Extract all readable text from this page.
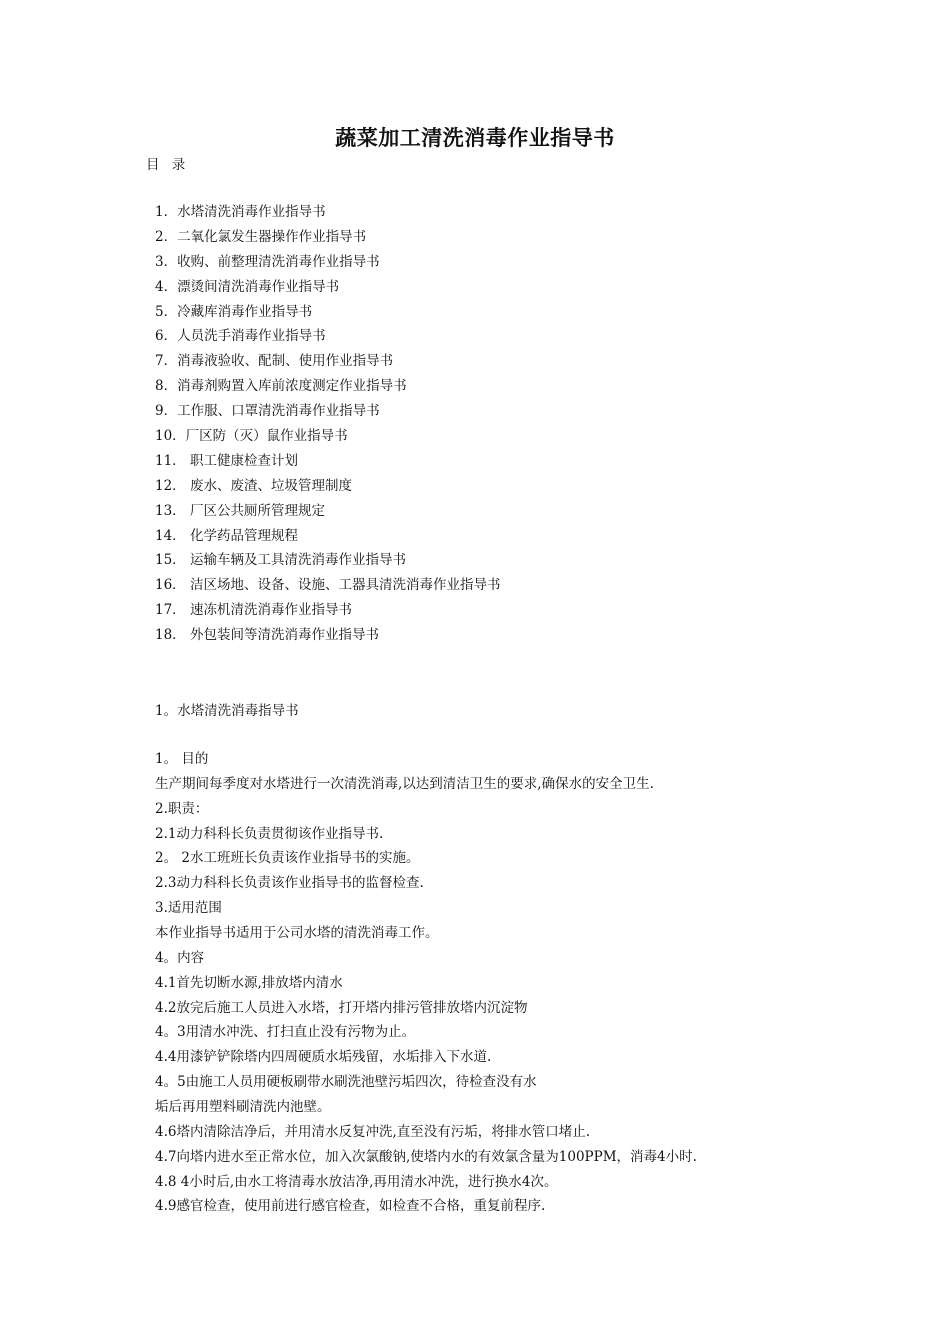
蔬菜加工清洗消毒作业指导书
目 录
1．水塔清洗消毒作业指导书
2．二氧化氯发生器操作作业指导书
3．收购、前整理清洗消毒作业指导书
4．漂烫间清洗消毒作业指导书
5．冷藏库消毒作业指导书
6．人员洗手消毒作业指导书
7．消毒液验收、配制、使用作业指导书
8．消毒剂购置入库前浓度测定作业指导书
9．工作服、口罩清洗消毒作业指导书
10．厂区防（灭）鼠作业指导书
11． 职工健康检查计划
12． 废水、废渣、垃圾管理制度
13． 厂区公共厕所管理规定
14． 化学药品管理规程
15． 运输车辆及工具清洗消毒作业指导书
16． 洁区场地、设备、设施、工器具清洗消毒作业指导书
17． 速冻机清洗消毒作业指导书
18． 外包装间等清洗消毒作业指导书
1。水塔清洗消毒指导书
1。 目的
生产期间每季度对水塔进行一次清洗消毒,以达到清洁卫生的要求,确保水的安全卫生.
2.职责：
2.1动力科科长负责贯彻该作业指导书.
2。 2水工班班长负责该作业指导书的实施。
2.3动力科科长负责该作业指导书的监督检查.
3.适用范围
本作业指导书适用于公司水塔的清洗消毒工作。
4。内容
4.1首先切断水源,排放塔内清水
4.2放完后施工人员进入水塔，打开塔内排污管排放塔内沉淀物
4。3用清水冲洗、打扫直止没有污物为止。
4.4用漆铲铲除塔内四周硬质水垢残留，水垢排入下水道.
4。5由施工人员用硬板刷带水刷洗池壁污垢四次，待检查没有水
垢后再用塑料刷清洗内池壁。
4.6塔内清除洁净后，并用清水反复冲洗,直至没有污垢，将排水管口堵止.
4.7向塔内进水至正常水位，加入次氯酸钠,使塔内水的有效氯含量为100PPM，消毒4小时.
4.8 4小时后,由水工将清毒水放洁净,再用清水冲洗，进行换水4次。
4.9感官检查，使用前进行感官检查，如检查不合格，重复前程序.
